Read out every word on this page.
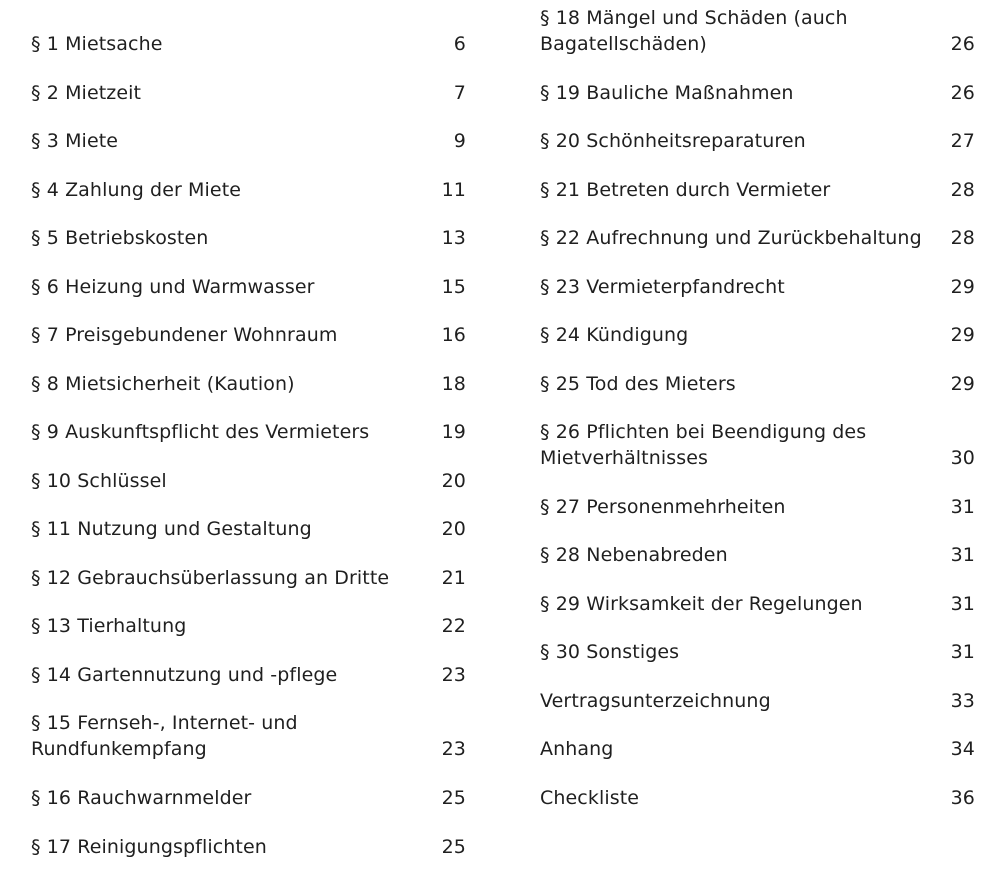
§ 1 Mietsache	6
§ 2 Mietzeit	7
§ 3 Miete	9
§ 4 Zahlung der Miete	11
§ 5 Betriebskosten	13
§ 6 Heizung und Warmwasser	15
§ 7 Preisgebundener Wohnraum	16
§ 8 Mietsicherheit (Kaution)	18
§ 9 Auskunftspflicht des Vermieters	19
§ 10 Schlüssel	20
§ 11 Nutzung und Gestaltung	20
§ 12 Gebrauchsüberlassung an Dritte	21
§ 13 Tierhaltung	22
§ 14 Gartennutzung und -pflege	23
§ 15 Fernseh-, Internet- und Rundfunkempfang	23
§ 16 Rauchwarnmelder	25
§ 17 Reinigungspflichten	25
§ 18 Mängel und Schäden (auch Bagatellschäden)	26
§ 19 Bauliche Maßnahmen	26
§ 20 Schönheitsreparaturen	27
§ 21 Betreten durch Vermieter	28
§ 22 Aufrechnung und Zurückbehaltung	28
§ 23 Vermieterpfandrecht	29
§ 24 Kündigung	29
§ 25 Tod des Mieters	29
§ 26 Pflichten bei Beendigung des Mietverhältnisses	30
§ 27 Personenmehrheiten	31
§ 28 Nebenabreden	31
§ 29 Wirksamkeit der Regelungen	31
§ 30 Sonstiges	31
Vertragsunterzeichnung	33
Anhang	34
Checkliste	36
